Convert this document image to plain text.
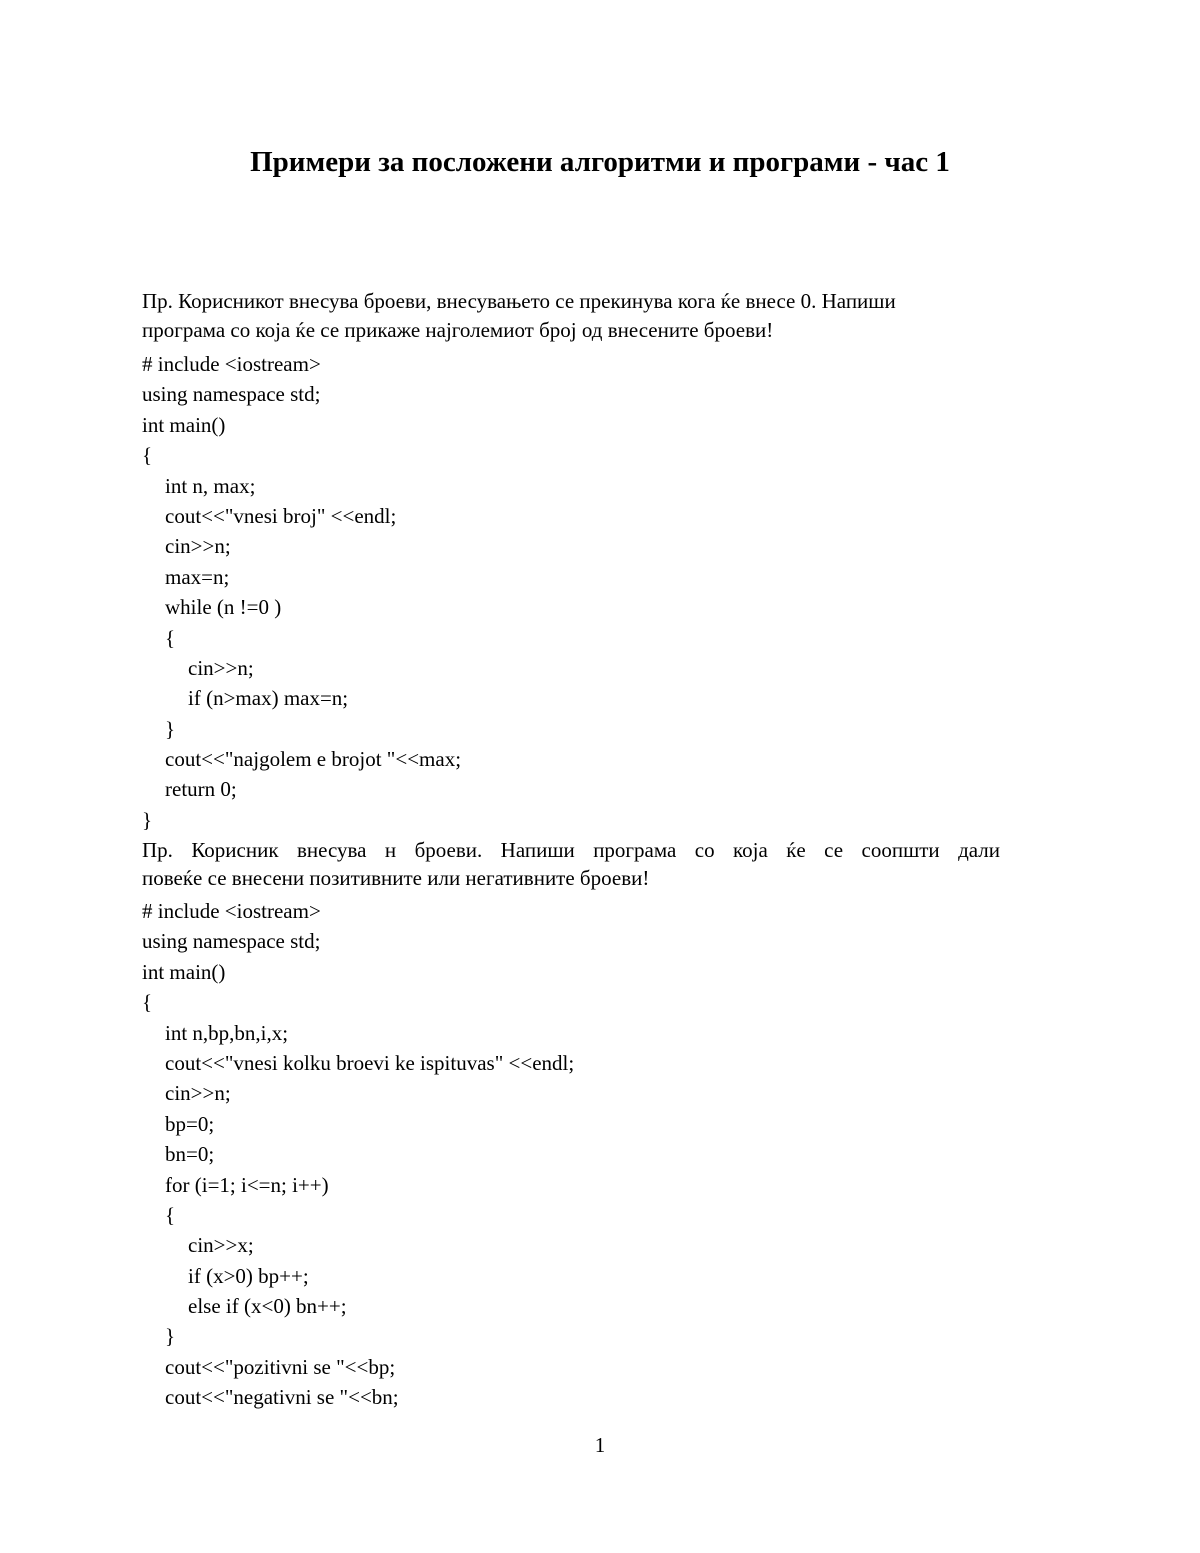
Примери за посложени алгоритми и програми - час 1

Пр. Корисникот внесува броеви, внесувањето се прекинува кога ќе внесе 0. Напиши
програма со која ќе се прикаже најголемиот број од внесените броеви!

# include <iostream>
using namespace std;
int main()
{
int n, max;
cout<<"vnesi broj" <<endl;
cin>>n;
max=n;
while (n !=0 )
{
cin>>n;
if (n>max) max=n;
}
cout<<"najgolem e brojot "<<max;
return 0;
}

Пр. Корисник внесува н броеви. Напиши програма со која ќе се соопшти дали
повеќе се внесени позитивните или негативните броеви!

# include <iostream>
using namespace std;
int main()
{
int n,bp,bn,i,x;
cout<<"vnesi kolku broevi ke ispituvas" <<endl;
cin>>n;
bp=0;
bn=0;
for (i=1; i<=n; i++)
{
cin>>x;
if (x>0) bp++;
else if (x<0) bn++;
}
cout<<"pozitivni se "<<bp;
cout<<"negativni se "<<bn;
1
